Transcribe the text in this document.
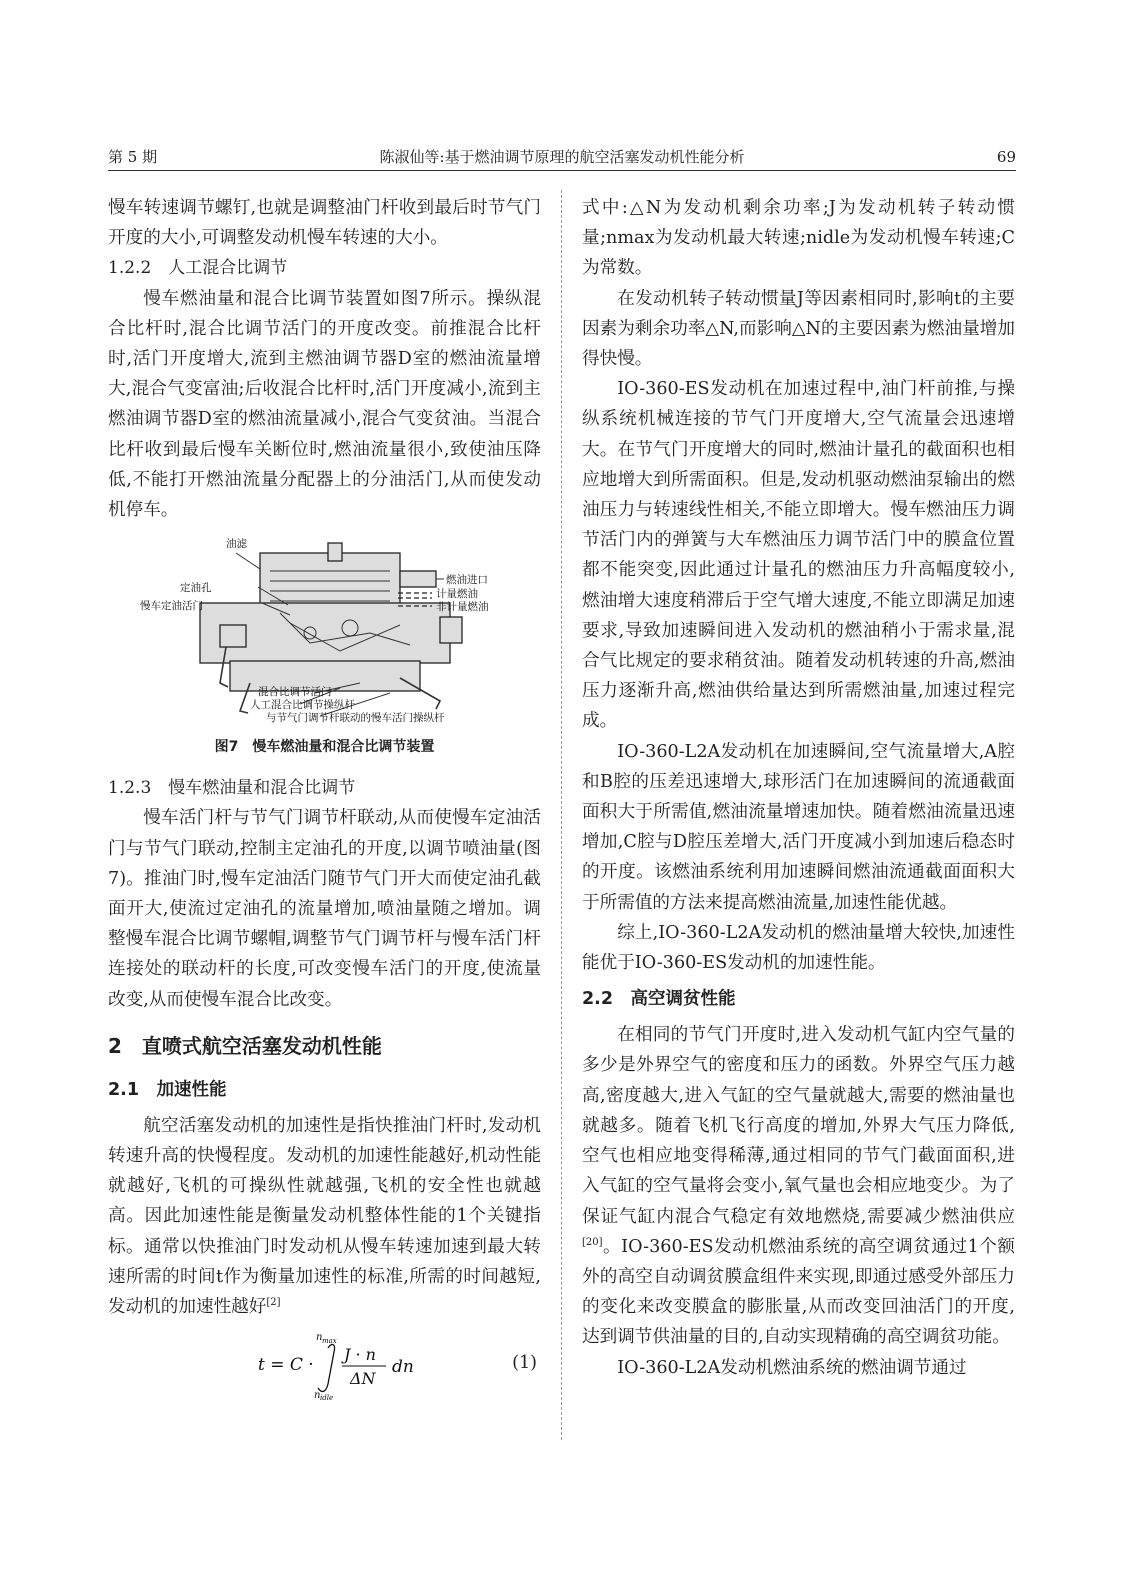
第 5 期	陈淑仙等:基于燃油调节原理的航空活塞发动机性能分析	69

慢车转速调节螺钉,也就是调整油门杆收到最后时节气门开度的大小,可调整发动机慢车转速的大小。

1.2.2　人工混合比调节

慢车燃油量和混合比调节装置如图7所示。操纵混合比杆时,混合比调节活门的开度改变。前推混合比杆时,活门开度增大,流到主燃油调节器D室的燃油流量增大,混合气变富油;后收混合比杆时,活门开度减小,流到主燃油调节器D室的燃油流量减小,混合气变贫油。当混合比杆收到最后慢车关断位时,燃油流量很小,致使油压降低,不能打开燃油流量分配器上的分油活门,从而使发动机停车。

油滤
燃油进口
定油孔	计量燃油
慢车定油活门	非计量燃油
混合比调节活门
人工混合比调节操纵杆
与节气门调节杆联动的慢车活门操纵杆
图7　慢车燃油量和混合比调节装置
1.2.3　慢车燃油量和混合比调节

慢车活门杆与节气门调节杆联动,从而使慢车定油活门与节气门联动,控制主定油孔的开度,以调节喷油量(图7)。推油门时,慢车定油活门随节气门开大而使定油孔截面开大,使流过定油孔的流量增加,喷油量随之增加。调整慢车混合比调节螺帽,调整节气门调节杆与慢车活门杆连接处的联动杆的长度,可改变慢车活门的开度,使流量改变,从而使慢车混合比改变。

2　直喷式航空活塞发动机性能
2.1　加速性能

航空活塞发动机的加速性是指快推油门杆时,发动机转速升高的快慢程度。发动机的加速性能越好,机动性能就越好,飞机的可操纵性就越强,飞机的安全性也就越高。因此加速性能是衡量发动机整体性能的1个关键指标。通常以快推油门时发动机从慢车转速加速到最大转速所需的时间t作为衡量加速性的标准,所需的时间越短,发动机的加速性越好[2]

t = C ·
n max
n idle
J · n
ΔN
dn	(1)

式中:△N为发动机剩余功率;J为发动机转子转动惯量;nmax为发动机最大转速;nidle为发动机慢车转速;C为常数。

在发动机转子转动惯量J等因素相同时,影响t的主要因素为剩余功率△N,而影响△N的主要因素为燃油量增加得快慢。

IO-360-ES发动机在加速过程中,油门杆前推,与操纵系统机械连接的节气门开度增大,空气流量会迅速增大。在节气门开度增大的同时,燃油计量孔的截面积也相应地增大到所需面积。但是,发动机驱动燃油泵输出的燃油压力与转速线性相关,不能立即增大。慢车燃油压力调节活门内的弹簧与大车燃油压力调节活门中的膜盒位置都不能突变,因此通过计量孔的燃油压力升高幅度较小,燃油增大速度稍滞后于空气增大速度,不能立即满足加速要求,导致加速瞬间进入发动机的燃油稍小于需求量,混合气比规定的要求稍贫油。随着发动机转速的升高,燃油压力逐渐升高,燃油供给量达到所需燃油量,加速过程完成。

IO-360-L2A发动机在加速瞬间,空气流量增大,A腔和B腔的压差迅速增大,球形活门在加速瞬间的流通截面面积大于所需值,燃油流量增速加快。随着燃油流量迅速增加,C腔与D腔压差增大,活门开度减小到加速后稳态时的开度。该燃油系统利用加速瞬间燃油流通截面面积大于所需值的方法来提高燃油流量,加速性能优越。

综上,IO-360-L2A发动机的燃油量增大较快,加速性能优于IO-360-ES发动机的加速性能。

2.2　高空调贫性能

在相同的节气门开度时,进入发动机气缸内空气量的多少是外界空气的密度和压力的函数。外界空气压力越高,密度越大,进入气缸的空气量就越大,需要的燃油量也就越多。随着飞机飞行高度的增加,外界大气压力降低,空气也相应地变得稀薄,通过相同的节气门截面面积,进入气缸的空气量将会变小,氧气量也会相应地变少。为了保证气缸内混合气稳定有效地燃烧,需要减少燃油供应[20]。IO-360-ES发动机燃油系统的高空调贫通过1个额外的高空自动调贫膜盒组件来实现,即通过感受外部压力的变化来改变膜盒的膨胀量,从而改变回油活门的开度,达到调节供油量的目的,自动实现精确的高空调贫功能。

IO-360-L2A发动机燃油系统的燃油调节通过
